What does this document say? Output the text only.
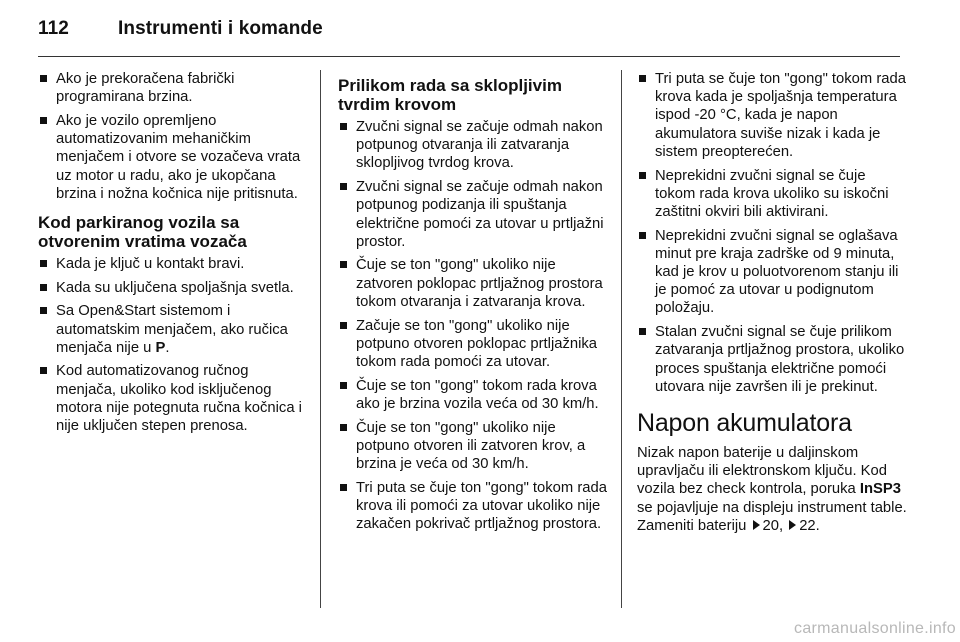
112	Instrumenti i komande
Ako je prekoračena fabrički programirana brzina.
Ako je vozilo opremljeno automatizovanim mehaničkim menjačem i otvore se vozačeva vrata uz motor u radu, ako je ukopčana brzina i nožna kočnica nije pritisnuta.
Kod parkiranog vozila sa otvorenim vratima vozača
Kada je ključ u kontakt bravi.
Kada su uključena spoljašnja svetla.
Sa Open&Start sistemom i automatskim menjačem, ako ručica menjača nije u P.
Kod automatizovanog ručnog menjača, ukoliko kod isključenog motora nije potegnuta ručna kočnica i nije uključen stepen prenosa.
Prilikom rada sa sklopljivim tvrdim krovom
Zvučni signal se začuje odmah nakon potpunog otvaranja ili zatvaranja sklopljivog tvrdog krova.
Zvučni signal se začuje odmah nakon potpunog podizanja ili spuštanja električne pomoći za utovar u prtljažni prostor.
Čuje se ton "gong" ukoliko nije zatvoren poklopac prtljažnog prostora tokom otvaranja i zatvaranja krova.
Začuje se ton "gong" ukoliko nije potpuno otvoren poklopac prtljažnika tokom rada pomoći za utovar.
Čuje se ton "gong" tokom rada krova ako je brzina vozila veća od 30 km/h.
Čuje se ton "gong" ukoliko nije potpuno otvoren ili zatvoren krov, a brzina je veća od 30 km/h.
Tri puta se čuje ton "gong" tokom rada krova ili pomoći za utovar ukoliko nije zakačen pokrivač prtljažnog prostora.
Tri puta se čuje ton "gong" tokom rada krova kada je spoljašnja temperatura ispod -20 °C, kada je napon akumulatora suviše nizak i kada je sistem preopterećen.
Neprekidni zvučni signal se čuje tokom rada krova ukoliko su iskočni zaštitni okviri bili aktivirani.
Neprekidni zvučni signal se oglašava minut pre kraja zadrške od 9 minuta, kad je krov u poluotvorenom stanju ili je pomoć za utovar u podignutom položaju.
Stalan zvučni signal se čuje prilikom zatvaranja prtljažnog prostora, ukoliko proces spuštanja električne pomoći utovara nije završen ili je prekinut.
Napon akumulatora

Nizak napon baterije u daljinskom upravljaču ili elektronskom ključu. Kod vozila bez check kontrola, poruka InSP3 se pojavljuje na displeju instrument table. Zameniti bateriju 20, 22.

carmanualsonline.info
